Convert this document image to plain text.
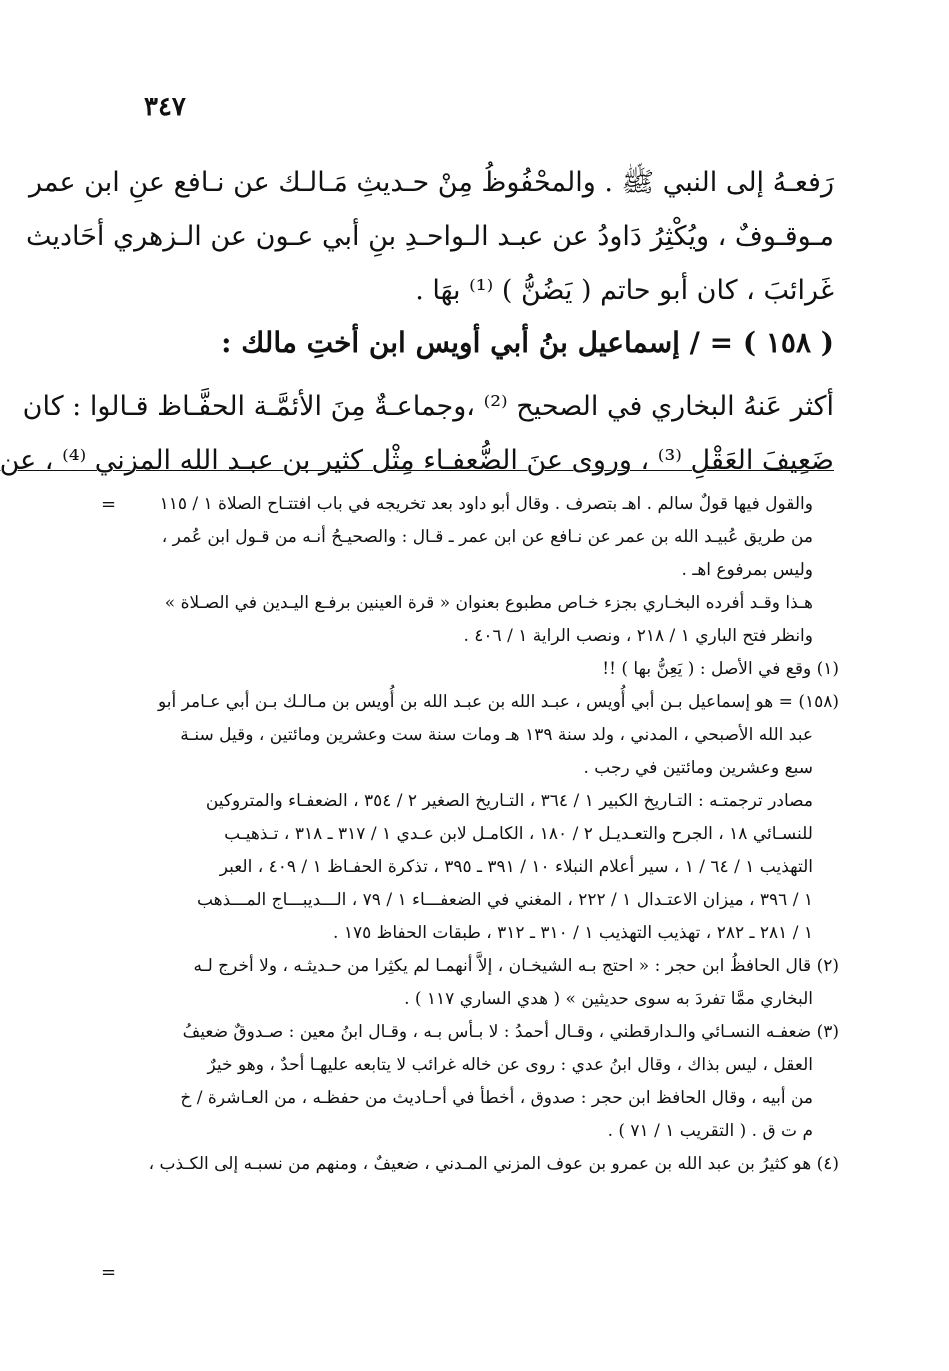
٣٤٧
رَفعـهُ إلى النبي ﷺ . والمحْفُوظُ مِنْ حـديثِ مَـالـك عن نـافع عنِ ابن عمر
مـوقـوفٌ ، ويُكْثِرُ دَاودُ عن عبـد الـواحـدِ بنِ أبي عـون عن الـزهري أحَاديث
غَرائبَ ، كان أبو حاتم ( يَضُنُّ ) ⁽¹⁾ بهَا .
( ١٥٨ ) = / إسماعيل بنُ أبي أويس ابن أختِ مالك :
أكثر عَنهُ البخاري في الصحيح ⁽²⁾ ،وجماعـةٌ مِنَ الأئمَّـة الحفَّـاظ قـالوا : كان
ضَعِيفَ العَقْلِ ⁽³⁾ ، وروى عنَ الضُّعفـاء مِثْل كثير بن عبـد الله المزني ⁽⁴⁾ ، عن
=	والقول فيها قولٌ سالم . اهـ بتصرف . وقال أبو داود بعد تخريجه في باب افتتـاح الصلاة ١ / ١١٥
من طريق عُبيـد الله بن عمر عن نـافع عن ابن عمر ـ قـال : والصحيـحُ أنـه من قـول ابن عُمر ،
وليس بمرفوع اهـ .
هـذا وقـد أفرده البخـاري بجزء خـاص مطبوع بعنوان « قرة العينين برفـع اليـدين في الصـلاة »
وانظر فتح الباري ١ / ٢١٨ ، ونصب الراية ١ / ٤٠٦ .
(١) وقع في الأصل : ( يَعِنُّ بها ) !!
(١٥٨) = هو إسماعيل بـن أبي أُويس ، عبـد الله بن عبـد الله بن أُويس بن مـالـك بـن أبي عـامر أبو
عبد الله الأصبحي ، المدني ، ولد سنة ١٣٩ هـ ومات سنة ست وعشرين ومائتين ، وقيل سنـة
سبع وعشرين ومائتين في رجب .
مصادر ترجمتـه : التـاريخ الكبير ١ / ٣٦٤ ، التـاريخ الصغير ٢ / ٣٥٤ ، الضعفـاء والمتروكين
للنسـائي ١٨ ، الجرح والتعـديـل ٢ / ١٨٠ ، الكامـل لابن عـدي ١ / ٣١٧ ـ ٣١٨ ، تـذهيـب
التهذيب ١ / ٦٤ / ١ ، سير أعلام النبلاء ١٠ / ٣٩١ ـ ٣٩٥ ، تذكرة الحفـاظ ١ / ٤٠٩ ، العبر
١ / ٣٩٦ ، ميزان الاعتـدال ١ / ٢٢٢ ، المغني في الضعفـــاء ١ / ٧٩ ، الـــديبـــاج المـــذهب
١ / ٢٨١ ـ ٢٨٢ ، تهذيب التهذيب ١ / ٣١٠ ـ ٣١٢ ، طبقات الحفاظ ١٧٥ .
(٢) قال الحافظُ ابن حجر : « احتج بـه الشيخـان ، إلاَّ أنهمـا لم يكثِرا من حـديثـه ، ولا أخرج لـه
البخاري ممَّا تفردَ به سوى حديثين » ( هدي الساري ١١٧ ) .
(٣) ضعفـه النسـائي والـدارقطني ، وقـال أحمدُ : لا بـأس بـه ، وقـال ابنُ معين : صـدوقٌ ضعيفُ
العقل ، ليس بذاك ، وقال ابنُ عدي : روى عن خاله غرائب لا يتابعه عليهـا أحدٌ ، وهو خيرٌ
من أبيه ، وقال الحافظ ابن حجر : صدوق ، أخطأ في أحـاديث من حفظـه ، من العـاشرة / خ
م ت ق . ( التقريب ١ / ٧١ ) .
(٤) هو كثيرُ بن عبد الله بن عمرو بن عوف المزني المـدني ، ضعيفٌ ، ومنهم من نسبـه إلى الكـذب ،
=
